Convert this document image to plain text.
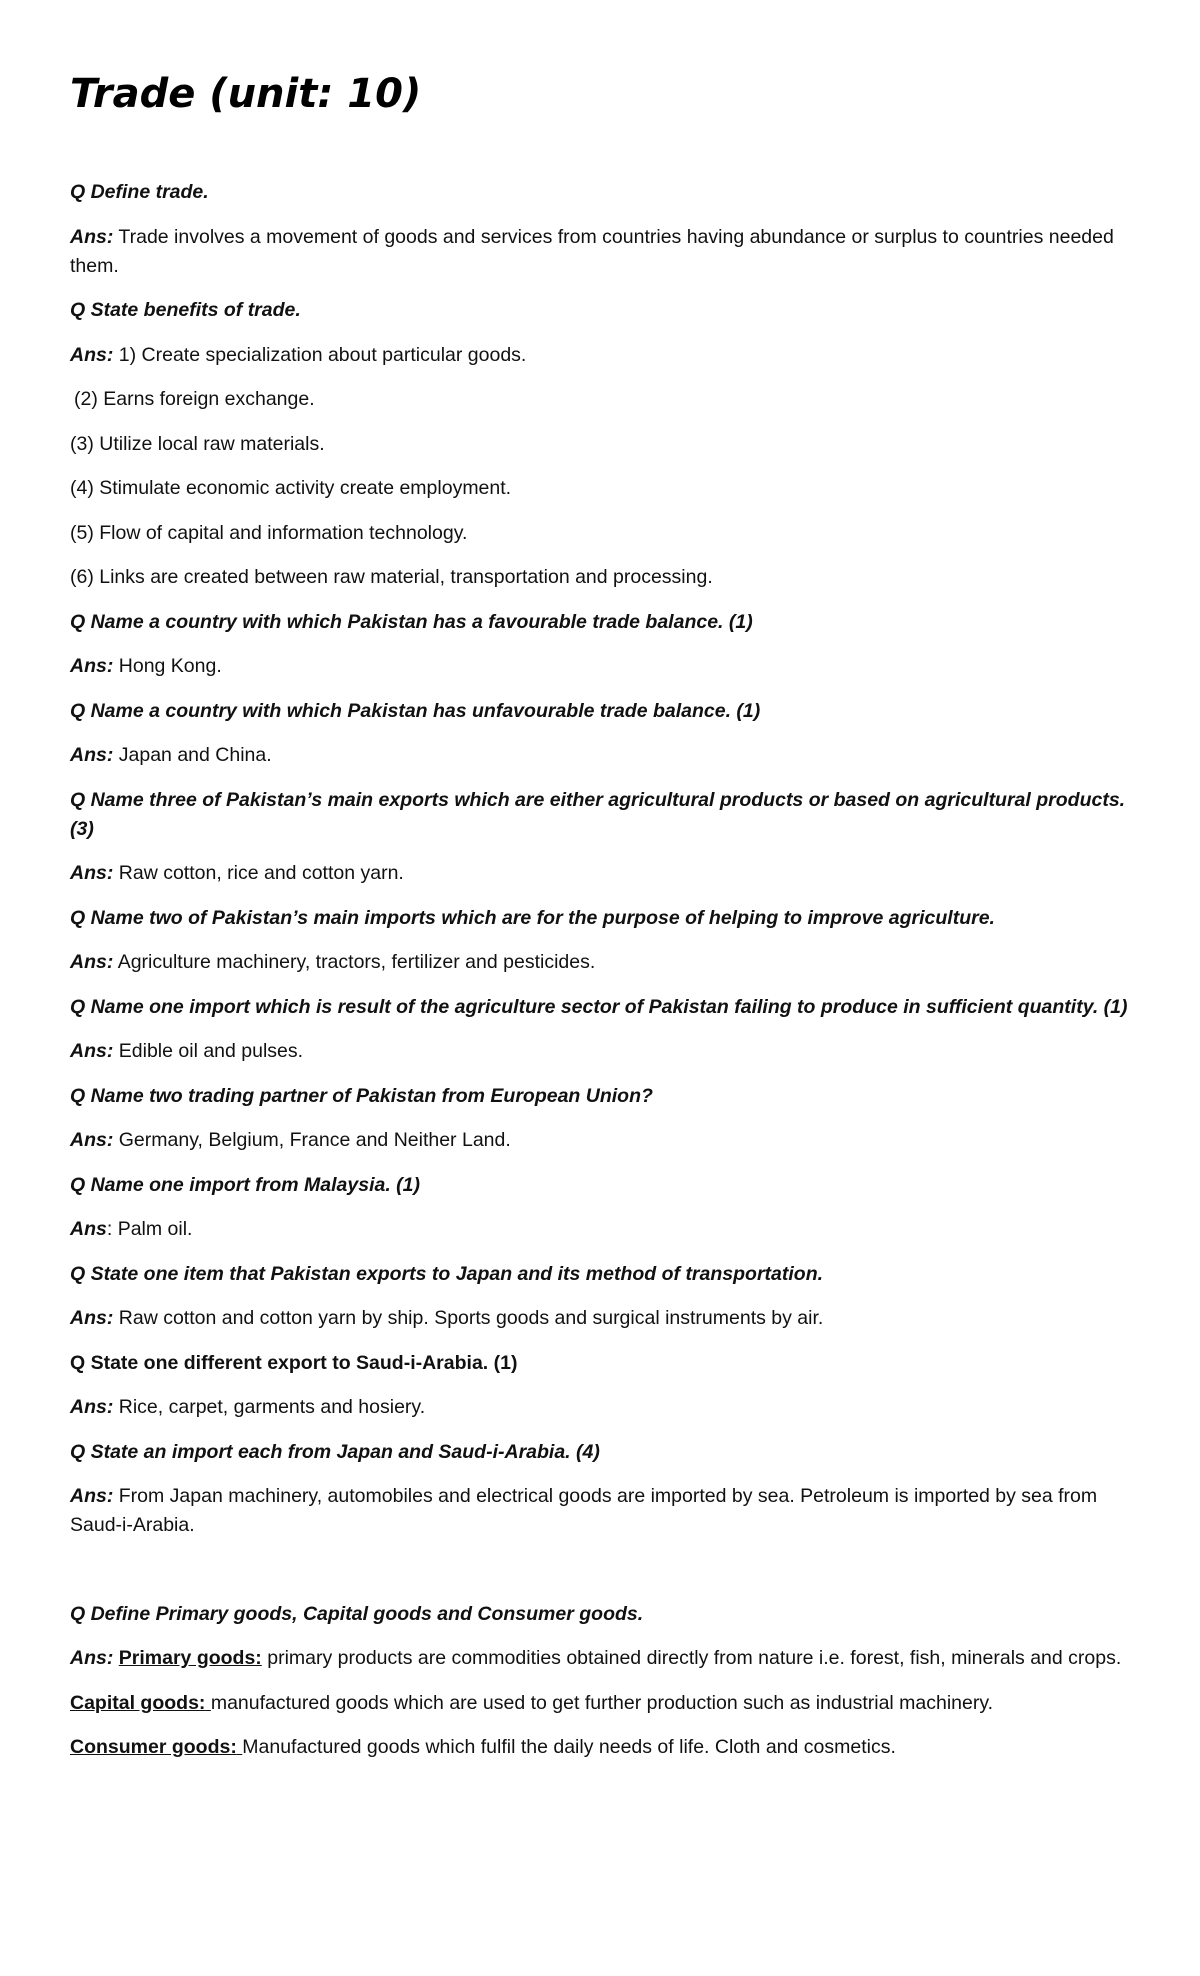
Trade (unit: 10)

Q Define trade.

Ans: Trade involves a movement of goods and services from countries having abundance or surplus to countries needed them.

Q State benefits of trade.

Ans: 1) Create specialization about particular goods.

(2) Earns foreign exchange.

(3) Utilize local raw materials.

(4) Stimulate economic activity create employment.

(5) Flow of capital and information technology.

(6) Links are created between raw material, transportation and processing.

Q Name a country with which Pakistan has a favourable trade balance. (1)

Ans: Hong Kong.

Q Name a country with which Pakistan has unfavourable trade balance. (1)

Ans: Japan and China.

Q Name three of Pakistan’s main exports which are either agricultural products or based on agricultural products. (3)

Ans: Raw cotton, rice and cotton yarn.

Q Name two of Pakistan’s main imports which are for the purpose of helping to improve agriculture.

Ans: Agriculture machinery, tractors, fertilizer and pesticides.

Q Name one import which is result of the agriculture sector of Pakistan failing to produce in sufficient quantity. (1)

Ans: Edible oil and pulses.

Q Name two trading partner of Pakistan from European Union?

Ans: Germany, Belgium, France and Neither Land.

Q Name one import from Malaysia. (1)

Ans: Palm oil.

Q State one item that Pakistan exports to Japan and its method of transportation.

Ans: Raw cotton and cotton yarn by ship. Sports goods and surgical instruments by air.

Q State one different export to Saud-i-Arabia. (1)

Ans: Rice, carpet, garments and hosiery.

Q State an import each from Japan and Saud-i-Arabia. (4)

Ans: From Japan machinery, automobiles and electrical goods are imported by sea. Petroleum is imported by sea from Saud-i-Arabia.

Q Define Primary goods, Capital goods and Consumer goods.

Ans: Primary goods: primary products are commodities obtained directly from nature i.e. forest, fish, minerals and crops.

Capital goods: manufactured goods which are used to get further production such as industrial machinery.

Consumer goods: Manufactured goods which fulfil the daily needs of life. Cloth and cosmetics.
